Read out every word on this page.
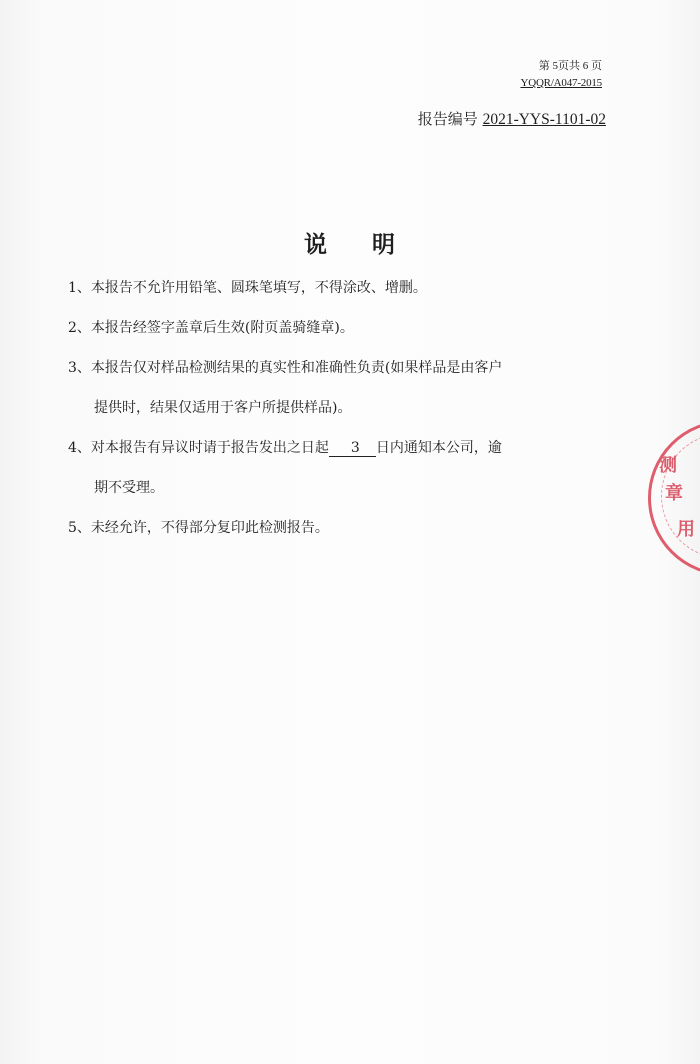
第 5页共 6 页
YQQR/A047-2015
报告编号 2021-YYS-1101-02
说 明
1、本报告不允许用铅笔、圆珠笔填写，不得涂改、增删。
2、本报告经签字盖章后生效(附页盖骑缝章)。
3、本报告仅对样品检测结果的真实性和准确性负责(如果样品是由客户
提供时，结果仅适用于客户所提供样品)。
4、对本报告有异议时请于报告发出之日起 3 日内通知本公司，逾
期不受理。
5、未经允许，不得部分复印此检测报告。
测
章
用
